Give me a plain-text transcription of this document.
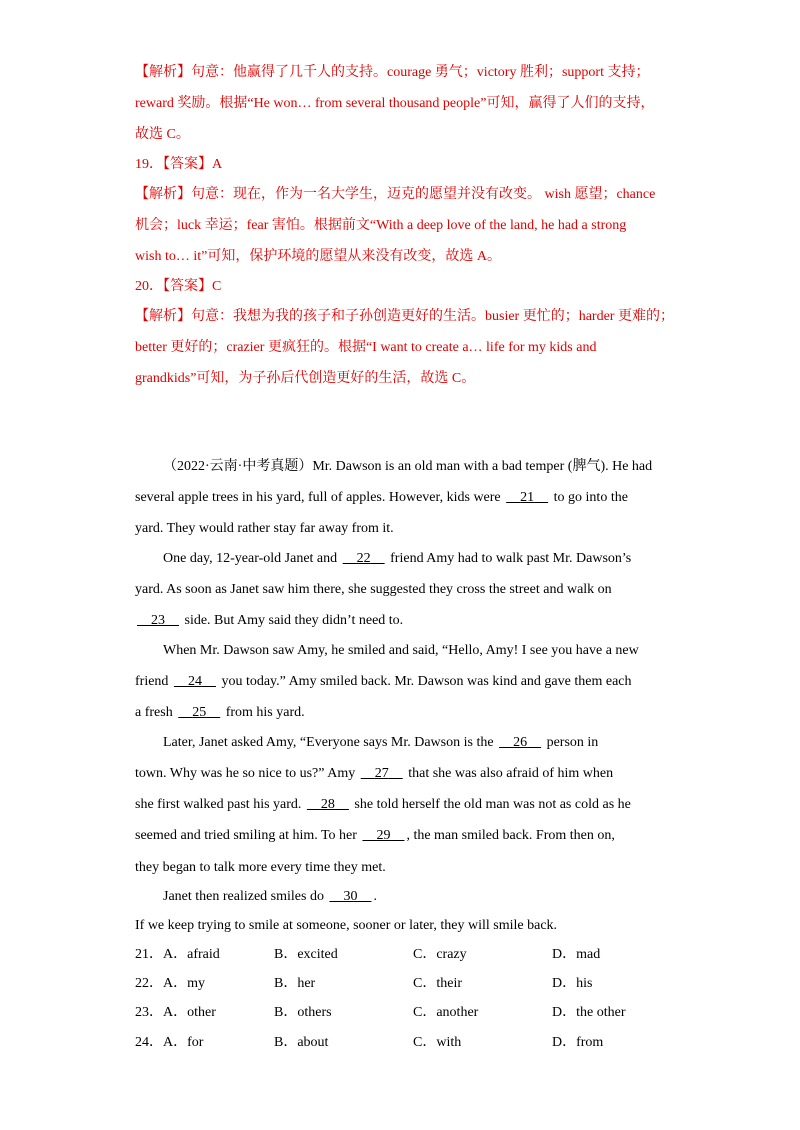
【解析】句意：他赢得了几千人的支持。courage 勇气；victory 胜利；support 支持；
reward 奖励。根据“He won… from several thousand people”可知，赢得了人们的支持，
故选 C。
19．【答案】A
【解析】句意：现在，作为一名大学生，迈克的愿望并没有改变。 wish 愿望；chance
机会；luck 幸运；fear 害怕。根据前文“With a deep love of the land, he had a strong
wish to… it”可知，保护环境的愿望从来没有改变，故选 A。
20．【答案】C
【解析】句意：我想为我的孩子和子孙创造更好的生活。busier 更忙的；harder 更难的；
better 更好的；crazier 更疯狂的。根据“I want to create a… life for my kids and
grandkids”可知，为子孙后代创造更好的生活，故选 C。
（2022·云南·中考真题）Mr. Dawson is an old man with a bad temper (脾气). He had
several apple trees in his yard, full of apples. However, kids were     21     to go into the
yard. They would rather stay far away from it.
One day, 12-year-old Janet and     22     friend Amy had to walk past Mr. Dawson’s
yard. As soon as Janet saw him there, she suggested they cross the street and walk on
23     side. But Amy said they didn’t need to.
When Mr. Dawson saw Amy, he smiled and said, “Hello, Amy! I see you have a new
friend     24     you today.” Amy smiled back. Mr. Dawson was kind and gave them each
a fresh     25     from his yard.
Later, Janet asked Amy, “Everyone says Mr. Dawson is the     26     person in
town. Why was he so nice to us?” Amy     27     that she was also afraid of him when
she first walked past his yard.     28     she told herself the old man was not as cold as he
seemed and tried smiling at him. To her     29 , the man smiled back. From then on,
they began to talk more every time they met.
Janet then realized smiles do     30 .
If we keep trying to smile at someone, sooner or later, they will smile back.
21． A．afraid	B．excited	C．crazy	D．mad
22． A．my	B．her	C．their	D．his
23． A．other	B．others	C．another	D．the other
24． A．for	B．about	C．with	D．from
